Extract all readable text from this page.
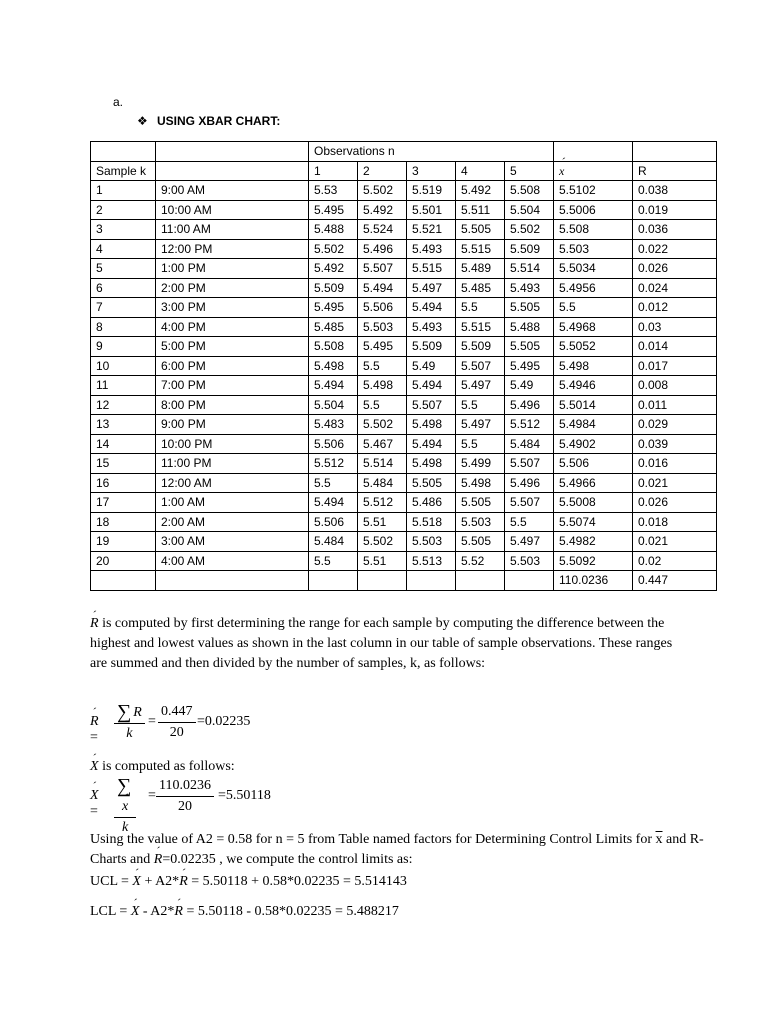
a.
❖ USING XBAR CHART:
		Observations n						
Sample k		1	2	3	4	5	´ x	R
1	9:00 AM	5.53	5.502	5.519	5.492	5.508	5.5102	0.038
2	10:00 AM	5.495	5.492	5.501	5.511	5.504	5.5006	0.019
3	11:00 AM	5.488	5.524	5.521	5.505	5.502	5.508	0.036
4	12:00 PM	5.502	5.496	5.493	5.515	5.509	5.503	0.022
5	1:00 PM	5.492	5.507	5.515	5.489	5.514	5.5034	0.026
6	2:00 PM	5.509	5.494	5.497	5.485	5.493	5.4956	0.024
7	3:00 PM	5.495	5.506	5.494	5.5	5.505	5.5	0.012
8	4:00 PM	5.485	5.503	5.493	5.515	5.488	5.4968	0.03
9	5:00 PM	5.508	5.495	5.509	5.509	5.505	5.5052	0.014
10	6:00 PM	5.498	5.5	5.49	5.507	5.495	5.498	0.017
11	7:00 PM	5.494	5.498	5.494	5.497	5.49	5.4946	0.008
12	8:00 PM	5.504	5.5	5.507	5.5	5.496	5.5014	0.011
13	9:00 PM	5.483	5.502	5.498	5.497	5.512	5.4984	0.029
14	10:00 PM	5.506	5.467	5.494	5.5	5.484	5.4902	0.039
15	11:00 PM	5.512	5.514	5.498	5.499	5.507	5.506	0.016
16	12:00 AM	5.5	5.484	5.505	5.498	5.496	5.4966	0.021
17	1:00 AM	5.494	5.512	5.486	5.505	5.507	5.5008	0.026
18	2:00 AM	5.506	5.51	5.518	5.503	5.5	5.5074	0.018
19	3:00 AM	5.484	5.502	5.503	5.505	5.497	5.4982	0.021
20	4:00 AM	5.5	5.51	5.513	5.52	5.503	5.5092	0.02
							110.0236	0.447
´ R is computed by first determining the range for each sample by computing the difference between the highest and lowest values as shown in the last column in our table of sample observations. These ranges are summed and then divided by the number of samples, k, as follows:
´ $R= \frac{\sum R}{k} = \frac{0.447}{20} =0.02235$
´ X is computed as follows:
´ $X= \frac{\sum´ x}{k} = \frac{110.0236}{20} =5.50118$
Using the value of A2 = 0.58 for n = 5 from Table named factors for Determining Control Limits for $\overline{x}$ and R-Charts and ´ R=0.02235 , we compute the control limits as:
UCL = ´ X + A2*´ R = 5.50118 + 0.58*0.02235 = 5.514143
LCL = ´ X - A2*´ R = 5.50118 - 0.58*0.02235 = 5.488217
